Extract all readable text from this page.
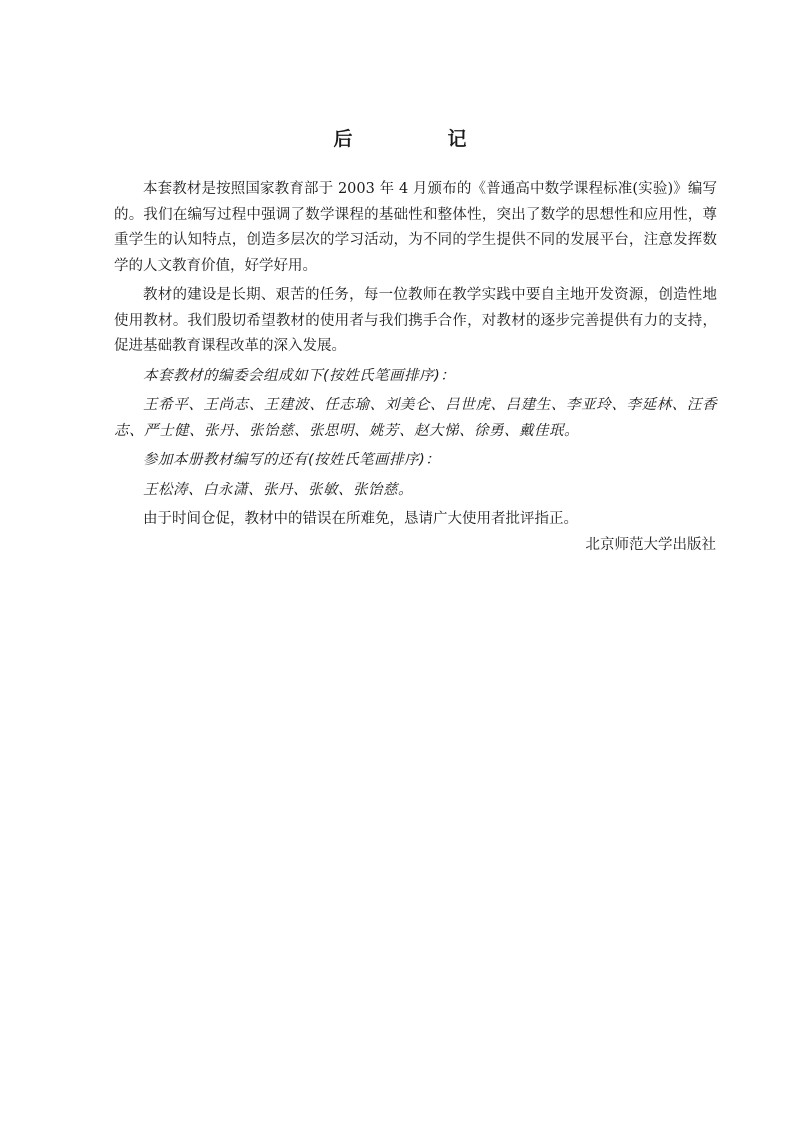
后　记

本套教材是按照国家教育部于 2003 年 4 月颁布的《普通高中数学课程标准(实验)》编写的。我们在编写过程中强调了数学课程的基础性和整体性，突出了数学的思想性和应用性，尊重学生的认知特点，创造多层次的学习活动，为不同的学生提供不同的发展平台，注意发挥数学的人文教育价值，好学好用。

教材的建设是长期、艰苦的任务，每一位教师在教学实践中要自主地开发资源，创造性地使用教材。我们殷切希望教材的使用者与我们携手合作，对教材的逐步完善提供有力的支持，促进基础教育课程改革的深入发展。

本套教材的编委会组成如下(按姓氏笔画排序)：

王希平、王尚志、王建波、任志瑜、刘美仑、吕世虎、吕建生、李亚玲、李延林、汪香志、严士健、张丹、张饴慈、张思明、姚芳、赵大悌、徐勇、戴佳珉。

参加本册教材编写的还有(按姓氏笔画排序)：

王松涛、白永潇、张丹、张敏、张饴慈。

由于时间仓促，教材中的错误在所难免，恳请广大使用者批评指正。

北京师范大学出版社
